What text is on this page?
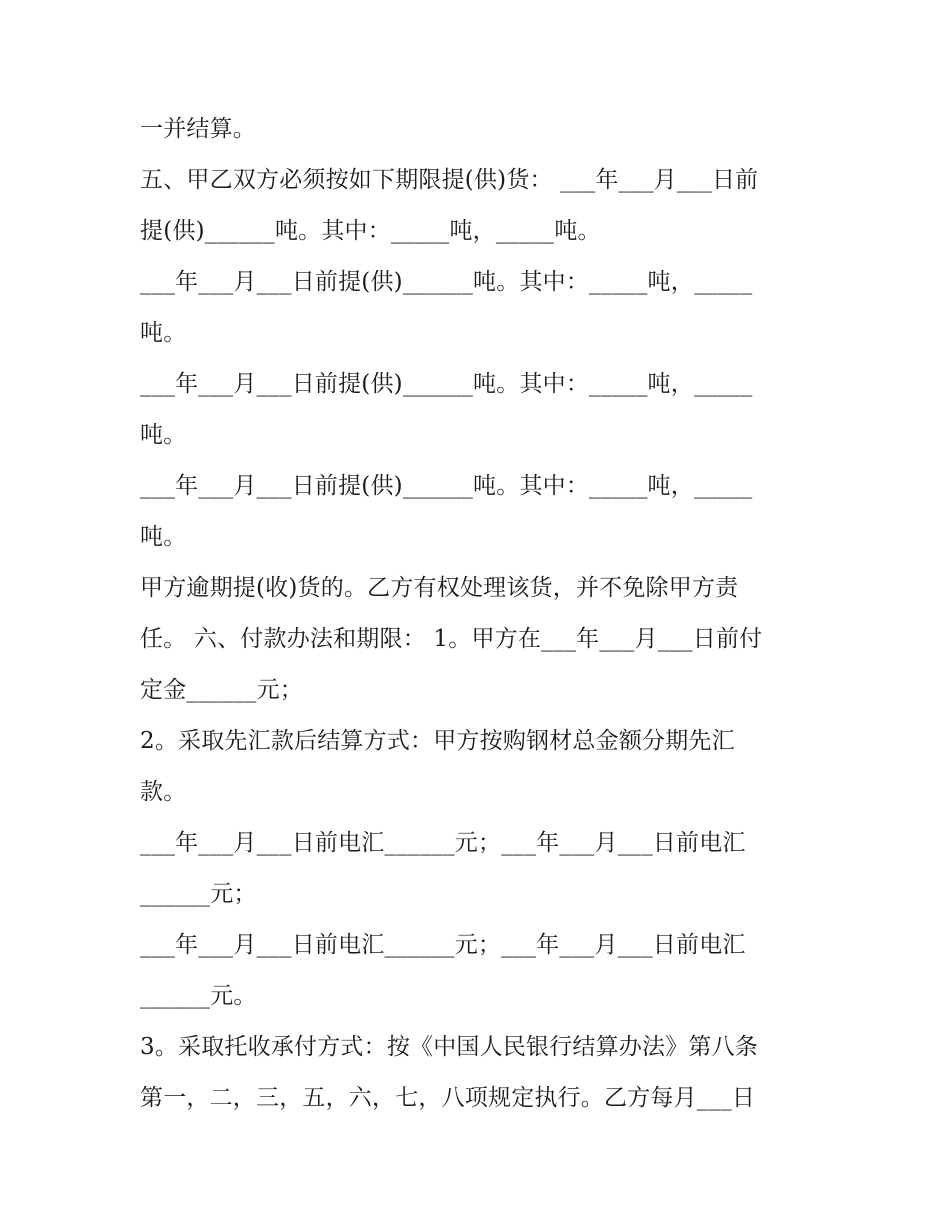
一并结算。
五、甲乙双方必须按如下期限提(供)货： ___年___月___日前
提(供)______吨。其中：_____吨，_____吨。
___年___月___日前提(供)______吨。其中：_____吨，_____
吨。
___年___月___日前提(供)______吨。其中：_____吨，_____
吨。
___年___月___日前提(供)______吨。其中：_____吨，_____
吨。
甲方逾期提(收)货的。乙方有权处理该货，并不免除甲方责
任。 六、付款办法和期限： 1。甲方在___年___月___日前付
定金______元；
2。采取先汇款后结算方式：甲方按购钢材总金额分期先汇
款。
___年___月___日前电汇______元；___年___月___日前电汇
______元；
___年___月___日前电汇______元；___年___月___日前电汇
______元。
3。采取托收承付方式：按《中国人民银行结算办法》第八条
第一，二，三，五，六，七，八项规定执行。乙方每月___日
